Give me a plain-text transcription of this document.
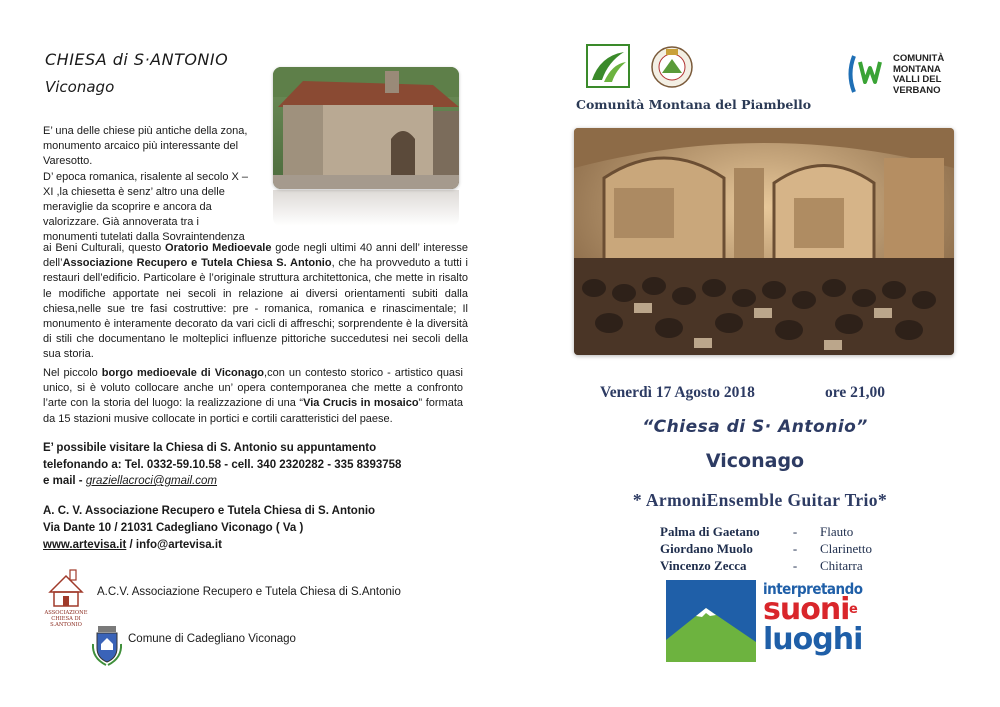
CHIESA di S·ANTONIO
Viconago
E’ una delle chiese più antiche della zona,
monumento arcaico più interessante del
Varesotto.
D’ epoca romanica, risalente al secolo X –
XI ,la chiesetta è senz’ altro una delle
meraviglie da scoprire e ancora da
valorizzare. Già annoverata tra i
monumenti tutelati dalla Sovraintendenza
ai Beni Culturali, questo Oratorio Medioevale gode negli ultimi 40 anni dell’ interesse dell’Associazione Recupero e Tutela Chiesa S. Antonio, che ha provveduto a tutti i restauri dell’edificio. Particolare è l’originale struttura architettonica, che mette in risalto le modifiche apportate nei secoli in relazione ai diversi orientamenti subiti dalla chiesa,nelle sue tre fasi costruttive: pre - romanica, romanica e rinascimentale; Il monumento è interamente decorato da vari cicli di affreschi; sorprendente è la diversità di stili che documentano le molteplici influenze pittoriche succedutesi nei secoli della sua storia.
Nel piccolo borgo medioevale di Viconago,con un contesto storico - artistico quasi unico, si è voluto collocare anche un’ opera contemporanea che mette a confronto l’arte con la storia del luogo: la realizzazione di una “Via Crucis in mosaico” formata da 15 stazioni musive collocate in portici e cortili caratteristici del paese.
E’ possibile visitare la Chiesa di S. Antonio su appuntamento
telefonando a: Tel. 0332-59.10.58 - cell. 340 2320282 - 335 8393758
e mail - graziellacroci@gmail.com
A. C. V. Associazione Recupero e Tutela Chiesa di S. Antonio
Via Dante 10 / 21031 Cadegliano Viconago ( Va )
www.artevisa.it / info@artevisa.it
ASSOCIAZIONE CHIESA DI S.ANTONIO
A.C.V. Associazione Recupero e Tutela Chiesa di S.Antonio
Comune di Cadegliano Viconago
Comunità Montana del Piambello
COMUNITÀ
MONTANA
VALLI DEL
VERBANO
Venerdì 17 Agosto 2018	ore 21,00
“Chiesa di S· Antonio”
Viconago
* ArmoniEnsemble Guitar Trio*
Palma di Gaetano	- Flauto
Giordano Muolo	- Clarinetto
Vincenzo Zecca	- Chitarra
interpretando
suoni e
luoghi
